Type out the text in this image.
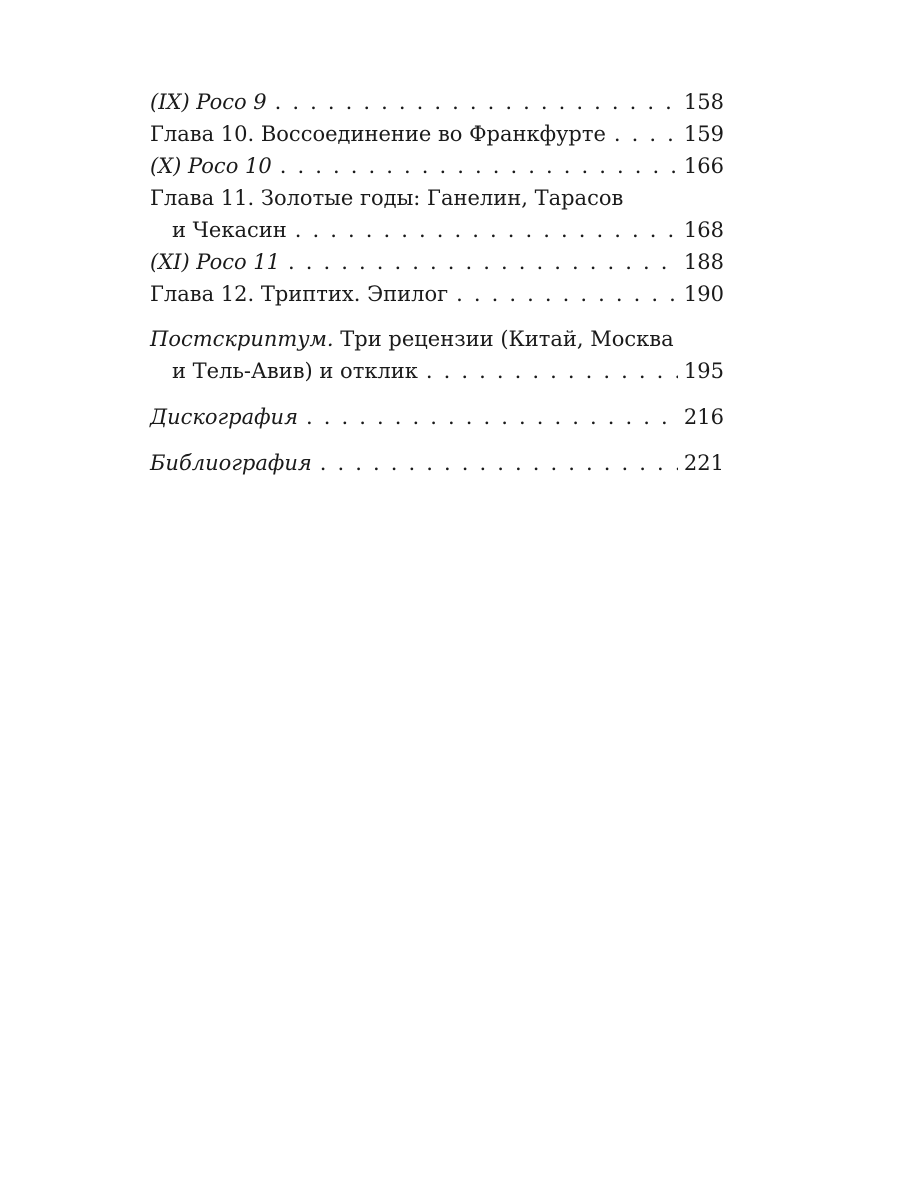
(IX) Poco 9 . . .	158
Глава 10. Воссоединение во Франкфурте . . .	159
(X) Poco 10 . . .	166
Глава 11. Золотые годы: Ганелин, Тарасов
и Чекасин . . .	168
(XI) Poco 11 . . .	188
Глава 12. Триптих. Эпилог . . .	190
Постскриптум. Три рецензии (Китай, Москва
и Тель-Авив) и отклик . . .	195
Дискография . . .	216
Библиография . . .	221
